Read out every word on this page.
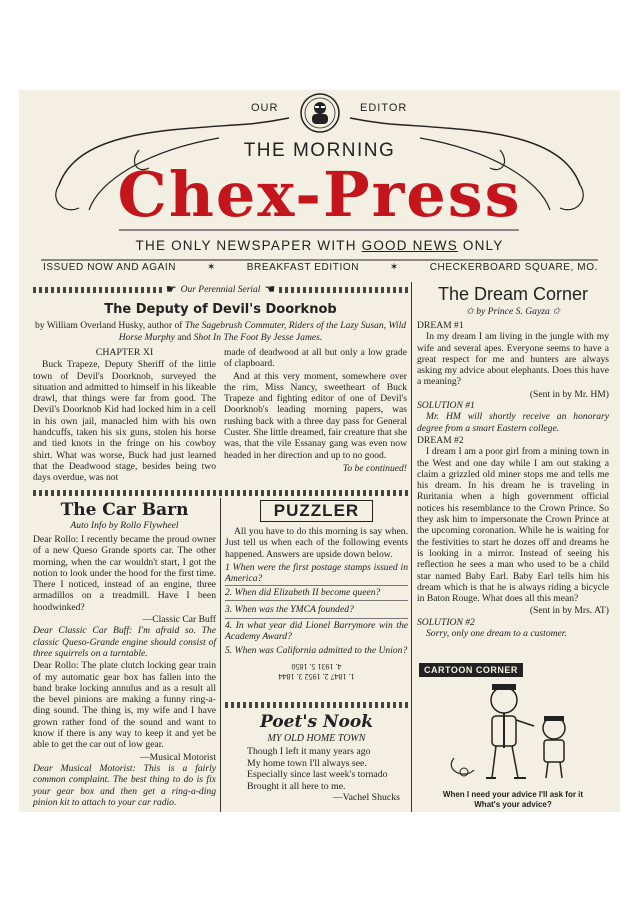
OUR	EDITOR
THE MORNING
Chex-Press
THE ONLY NEWSPAPER WITH GOOD NEWS ONLY
ISSUED NOW AND AGAIN	✶	BREAKFAST EDITION	✶	CHECKERBOARD SQUARE, MO.
☛ Our Perennial Serial ☚
The Deputy of Devil's Doorknob
by William Overland Husky, author of The Sagebrush Commuter, Riders of the Lazy Susan, Wild Horse Murphy and Shot In The Foot By Jesse James.
CHAPTER XI

Buck Trapeze, Deputy Sheriff of the little town of Devil's Doorknob, surveyed the situation and admitted to himself in his likeable drawl, that things were far from good. The Devil's Doorknob Kid had locked him in a cell in his own jail, manacled him with his own handcuffs, taken his six guns, stolen his horse and tied knots in the fringe on his cowboy shirt. What was worse, Buck had just learned that the Deadwood stage, besides being two days overdue, was not

made of deadwood at all but only a low grade of clapboard.

And at this very moment, somewhere over the rim, Miss Nancy, sweetheart of Buck Trapeze and fighting editor of one of Devil's Doorknob's leading morning papers, was rushing back with a three day pass for General Custer. She little dreamed, fair creature that she was, that the vile Essanay gang was even now headed in her direction and up to no good.

To be continued!
The Car Barn
Auto Info by Rollo Flywheel

Dear Rollo: I recently became the proud owner of a new Queso Grande sports car. The other morning, when the car wouldn't start, I got the notion to look under the hood for the first time. There I noticed, instead of an engine, three armadillos on a treadmill. Have I been hoodwinked?

—Classic Car Buff

Dear Classic Car Buff: I'm afraid so. The classic Queso-Grande engine should consist of three squirrels on a turntable.

Dear Rollo: The plate clutch locking gear train of my automatic gear box has fallen into the band brake locking annulus and as a result all the bevel pinions are making a funny ring-a-ding sound. The thing is, my wife and I have grown rather fond of the sound and want to know if there is any way to keep it and yet be able to get the car out of low gear.

—Musical Motorist

Dear Musical Motorist: This is a fairly common complaint. The best thing to do is fix your gear box and then get a ring-a-ding pinion kit to attach to your car radio.

PUZZLER

All you have to do this morning is say when. Just tell us when each of the following events happened. Answers are upside down below.

1 When were the first postage stamps issued in America?
2. When did Elizabeth II become queen?
3. When was the YMCA founded?
4. In what year did Lionel Barrymore win the Academy Award?
5. When was California admitted to the Union?
1. 1847 2. 1952 3. 1844
4. 1931 5. 1850
Poet's Nook
MY OLD HOME TOWN
Though I left it many years ago
My home town I'll always see.
Especially since last week's tornado
Brought it all here to me.
—Vachel Shucks
The Dream Corner
✩ by Prince S. Gayza ✩
DREAM #1

In my dream I am living in the jungle with my wife and several apes. Everyone seems to have a great respect for me and hunters are always asking my advice about elephants. Does this have a meaning?

(Sent in by Mr. HM)
SOLUTION #1

Mr. HM will shortly receive an honorary degree from a smart Eastern college.

DREAM #2

I dream I am a poor girl from a mining town in the West and one day while I am out staking a claim a grizzled old miner stops me and tells me his dream. In his dream he is traveling in Ruritania when a high government official notices his resemblance to the Crown Prince. So they ask him to impersonate the Crown Prince at the upcoming coronation. While he is waiting for the festivities to start he dozes off and dreams he is looking in a mirror. Instead of seeing his reflection he sees a man who used to be a child star named Baby Earl. Baby Earl tells him his dream which is that he is always riding a bicycle in Baton Rouge. What does all this mean?

(Sent in by Mrs. AT)
SOLUTION #2

Sorry, only one dream to a customer.

CARTOON CORNER
When I need your advice I'll ask for it
What's your advice?
